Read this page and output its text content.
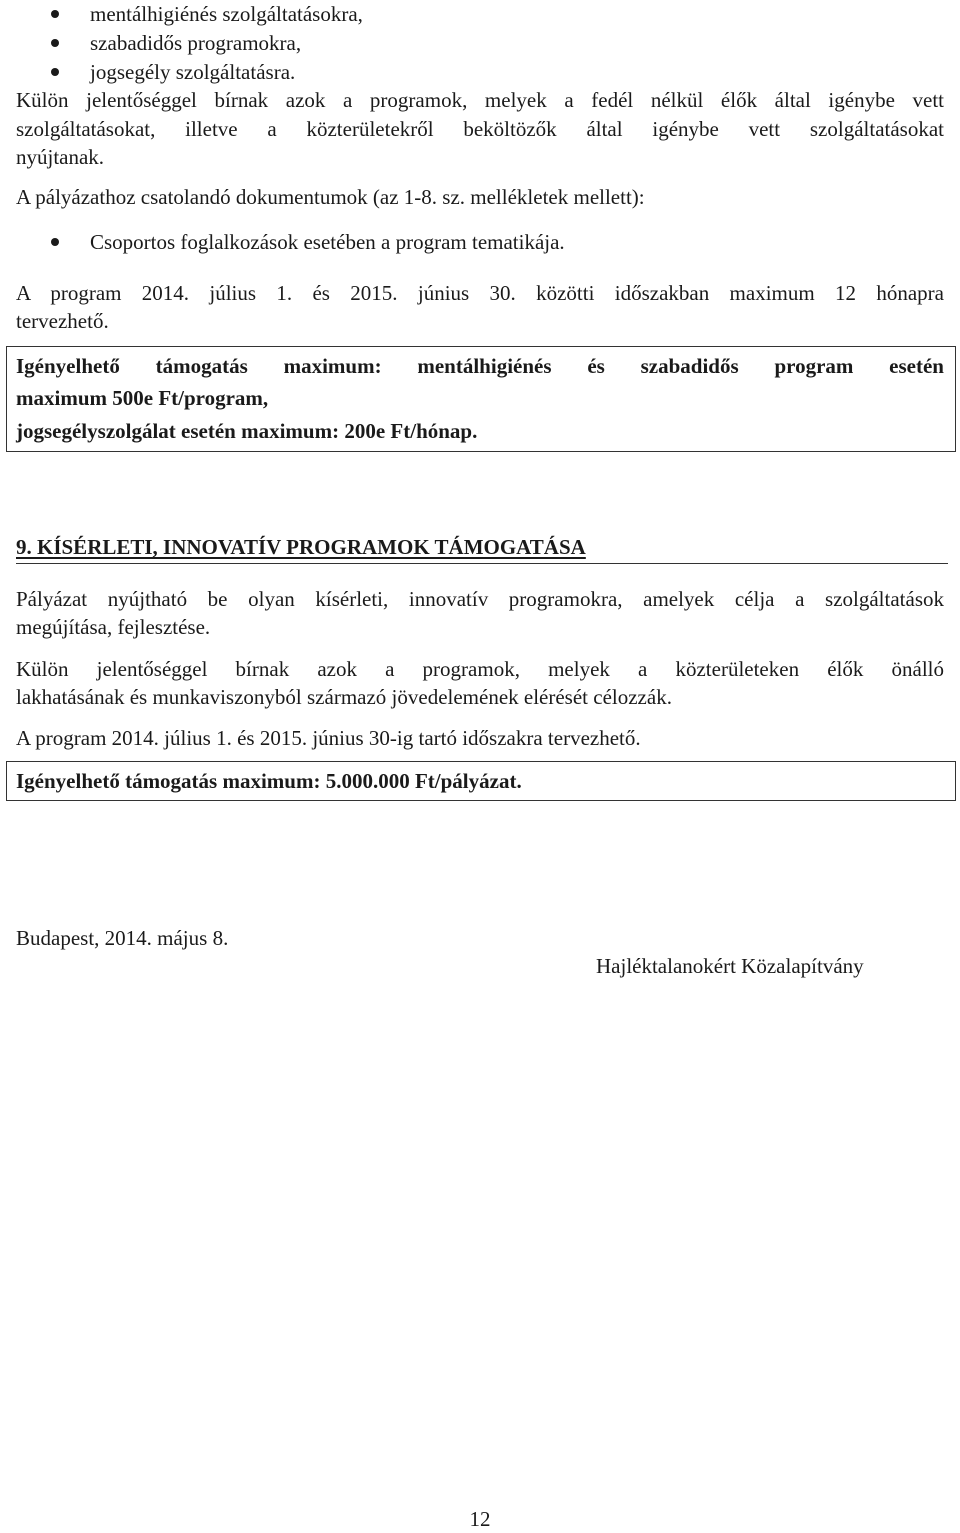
mentálhigiénés szolgáltatásokra,
szabadidős programokra,
jogsegély szolgáltatásra.
Külön jelentőséggel bírnak azok a programok, melyek a fedél nélkül élők által igénybe vett
szolgáltatásokat, illetve a közterületekről beköltözők által igénybe vett szolgáltatásokat
nyújtanak.
A pályázathoz csatolandó dokumentumok (az 1-8. sz. mellékletek mellett):
Csoportos foglalkozások esetében a program tematikája.
A program 2014. július 1. és 2015. június 30. közötti időszakban maximum 12 hónapra
tervezhető.
Igényelhető támogatás maximum: mentálhigiénés és szabadidős program esetén
maximum 500e Ft/program,
jogsegélyszolgálat esetén maximum: 200e Ft/hónap.
9. KÍSÉRLETI, INNOVATÍV PROGRAMOK TÁMOGATÁSA
Pályázat nyújtható be olyan kísérleti, innovatív programokra, amelyek célja a szolgáltatások
megújítása, fejlesztése.
Külön jelentőséggel bírnak azok a programok, melyek a közterületeken élők önálló
lakhatásának és munkaviszonyból származó jövedelemének elérését célozzák.
A program 2014. július 1. és 2015. június 30-ig tartó időszakra tervezhető.
Igényelhető támogatás maximum: 5.000.000 Ft/pályázat.
Budapest, 2014. május 8.
Hajléktalanokért Közalapítvány
12
